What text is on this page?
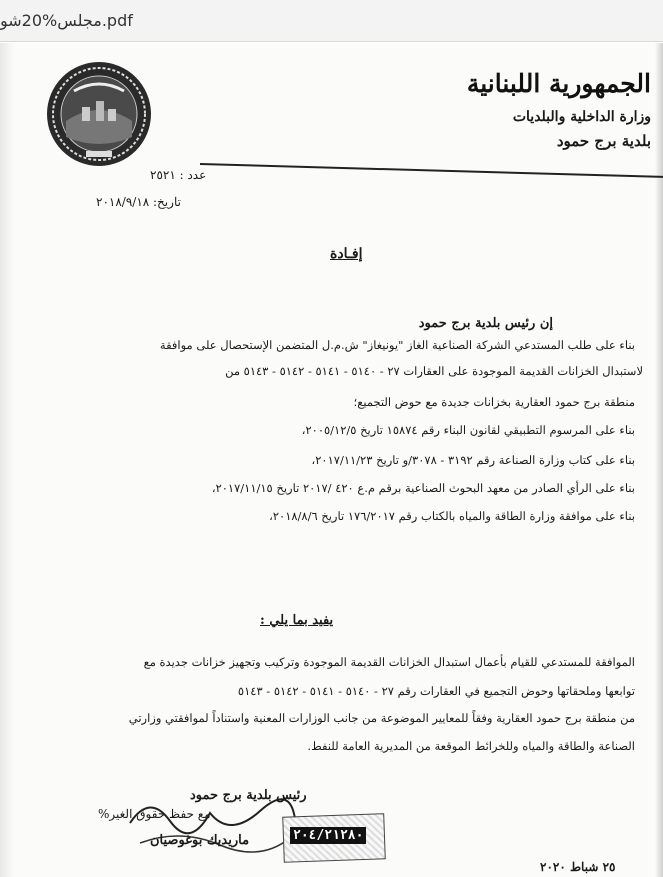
مجلس%20شو.pdf
الجمهورية اللبنانية
وزارة الداخلية والبلديات
بلدية برج حمود
عدد : ٢٥٢١
تاريخ: ٢٠١٨/٩/١٨
إفـادة
إن رئيس بلدية برج حمود
بناء على طلب المستدعي الشركة الصناعية الغاز "يونيغاز" ش.م.ل المتضمن الإستحصال على موافقة
لاستبدال الخزانات القديمة الموجودة على العقارات ٢٧ - ٥١٤٠ - ٥١٤١ - ٥١٤٢ - ٥١٤٣ من
منطقة برج حمود العقارية بخزانات جديدة مع حوض التجميع؛
بناء على المرسوم التطبيقي لقانون البناء رقم ١٥٨٧٤ تاريخ ٢٠٠٥/١٢/٥،
بناء على كتاب وزارة الصناعة رقم ٣١٩٢ - ٣٠٧٨/و تاريخ ٢٠١٧/١١/٢٣،
بناء على الرأي الصادر من معهد البحوث الصناعية برقم م.ع ٤٢٠ /٢٠١٧ تاريخ ٢٠١٧/١١/١٥،
بناء على موافقة وزارة الطاقة والمياه بالكتاب رقم ١٧٦/٢٠١٧ تاريخ ٢٠١٨/٨/٦،
يفيد بما يلي :
الموافقة للمستدعي للقيام بأعمال استبدال الخزانات القديمة الموجودة وتركيب وتجهيز خزانات جديدة مع
توابعها وملحقاتها وحوض التجميع في العقارات رقم ٢٧ - ٥١٤٠ - ٥١٤١ - ٥١٤٢ - ٥١٤٣
من منطقة برج حمود العقارية وفقاً للمعايير الموضوعة من جانب الوزارات المعنية واستناداً لموافقتي وزارتي
الصناعة والطاقة والمياه وللخرائط الموقعة من المديرية العامة للنفط.
مع حفظ حقوق الغير%
رئيس بلدية برج حمود
٢٠٤/٢١٢٨٠
ماريديك بوغوصيان
٢٥ شباط ٢٠٢٠
